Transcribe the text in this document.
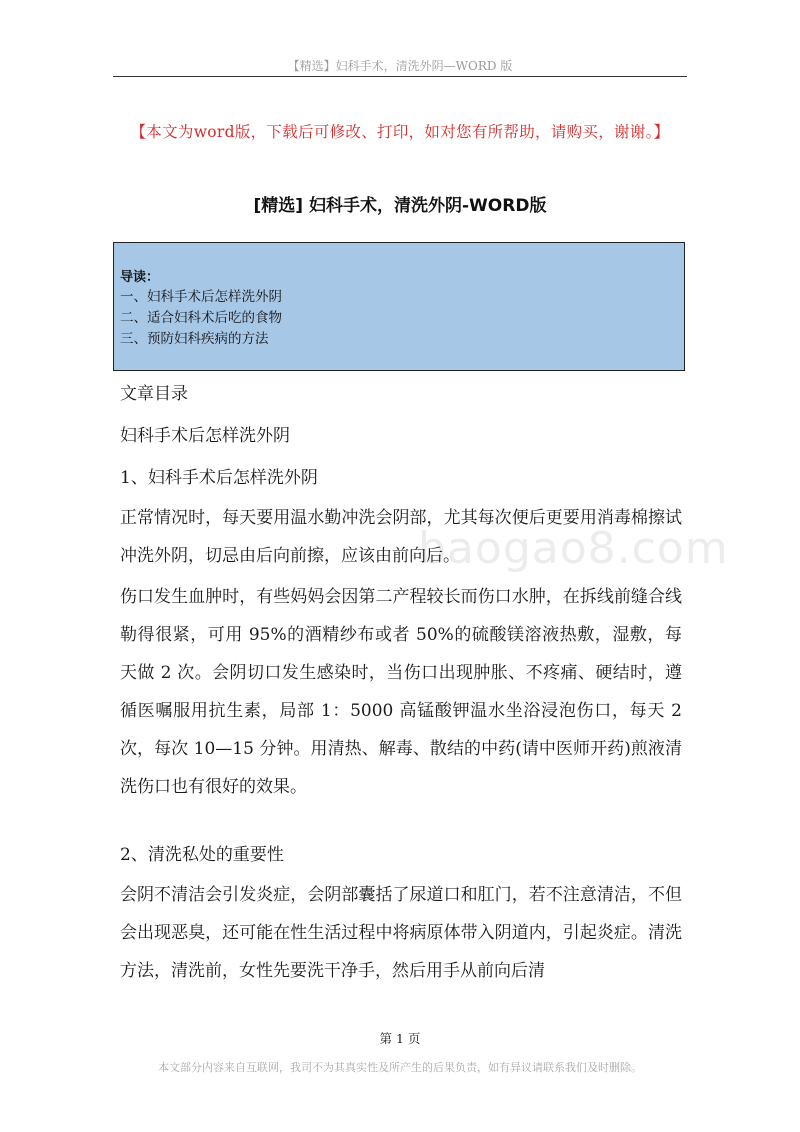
【精选】妇科手术，清洗外阴—WORD 版
【本文为word版，下载后可修改、打印，如对您有所帮助，请购买，谢谢。】
[精选] 妇科手术，清洗外阴-WORD版
导读：
一、妇科手术后怎样洗外阴
二、适合妇科术后吃的食物
三、预防妇科疾病的方法
baogao8.com
文章目录
妇科手术后怎样洗外阴
1、妇科手术后怎样洗外阴
正常情况时，每天要用温水勤冲洗会阴部，尤其每次便后更要用消毒棉擦试冲洗外阴，切忌由后向前擦，应该由前向后。
伤口发生血肿时，有些妈妈会因第二产程较长而伤口水肿，在拆线前缝合线勒得很紧，可用 95%的酒精纱布或者 50%的硫酸镁溶液热敷，湿敷，每天做 2 次。会阴切口发生感染时，当伤口出现肿胀、不疼痛、硬结时，遵循医嘱服用抗生素，局部 1：5000 高锰酸钾温水坐浴浸泡伤口，每天 2 次，每次 10—15 分钟。用清热、解毒、散结的中药(请中医师开药)煎液清洗伤口也有很好的效果。
2、清洗私处的重要性
会阴不清洁会引发炎症，会阴部囊括了尿道口和肛门，若不注意清洁，不但会出现恶臭，还可能在性生活过程中将病原体带入阴道内，引起炎症。清洗方法，清洗前，女性先要洗干净手，然后用手从前向后清
第 1 页
本文部分内容来自互联网，我司不为其真实性及所产生的后果负责，如有异议请联系我们及时删除。
